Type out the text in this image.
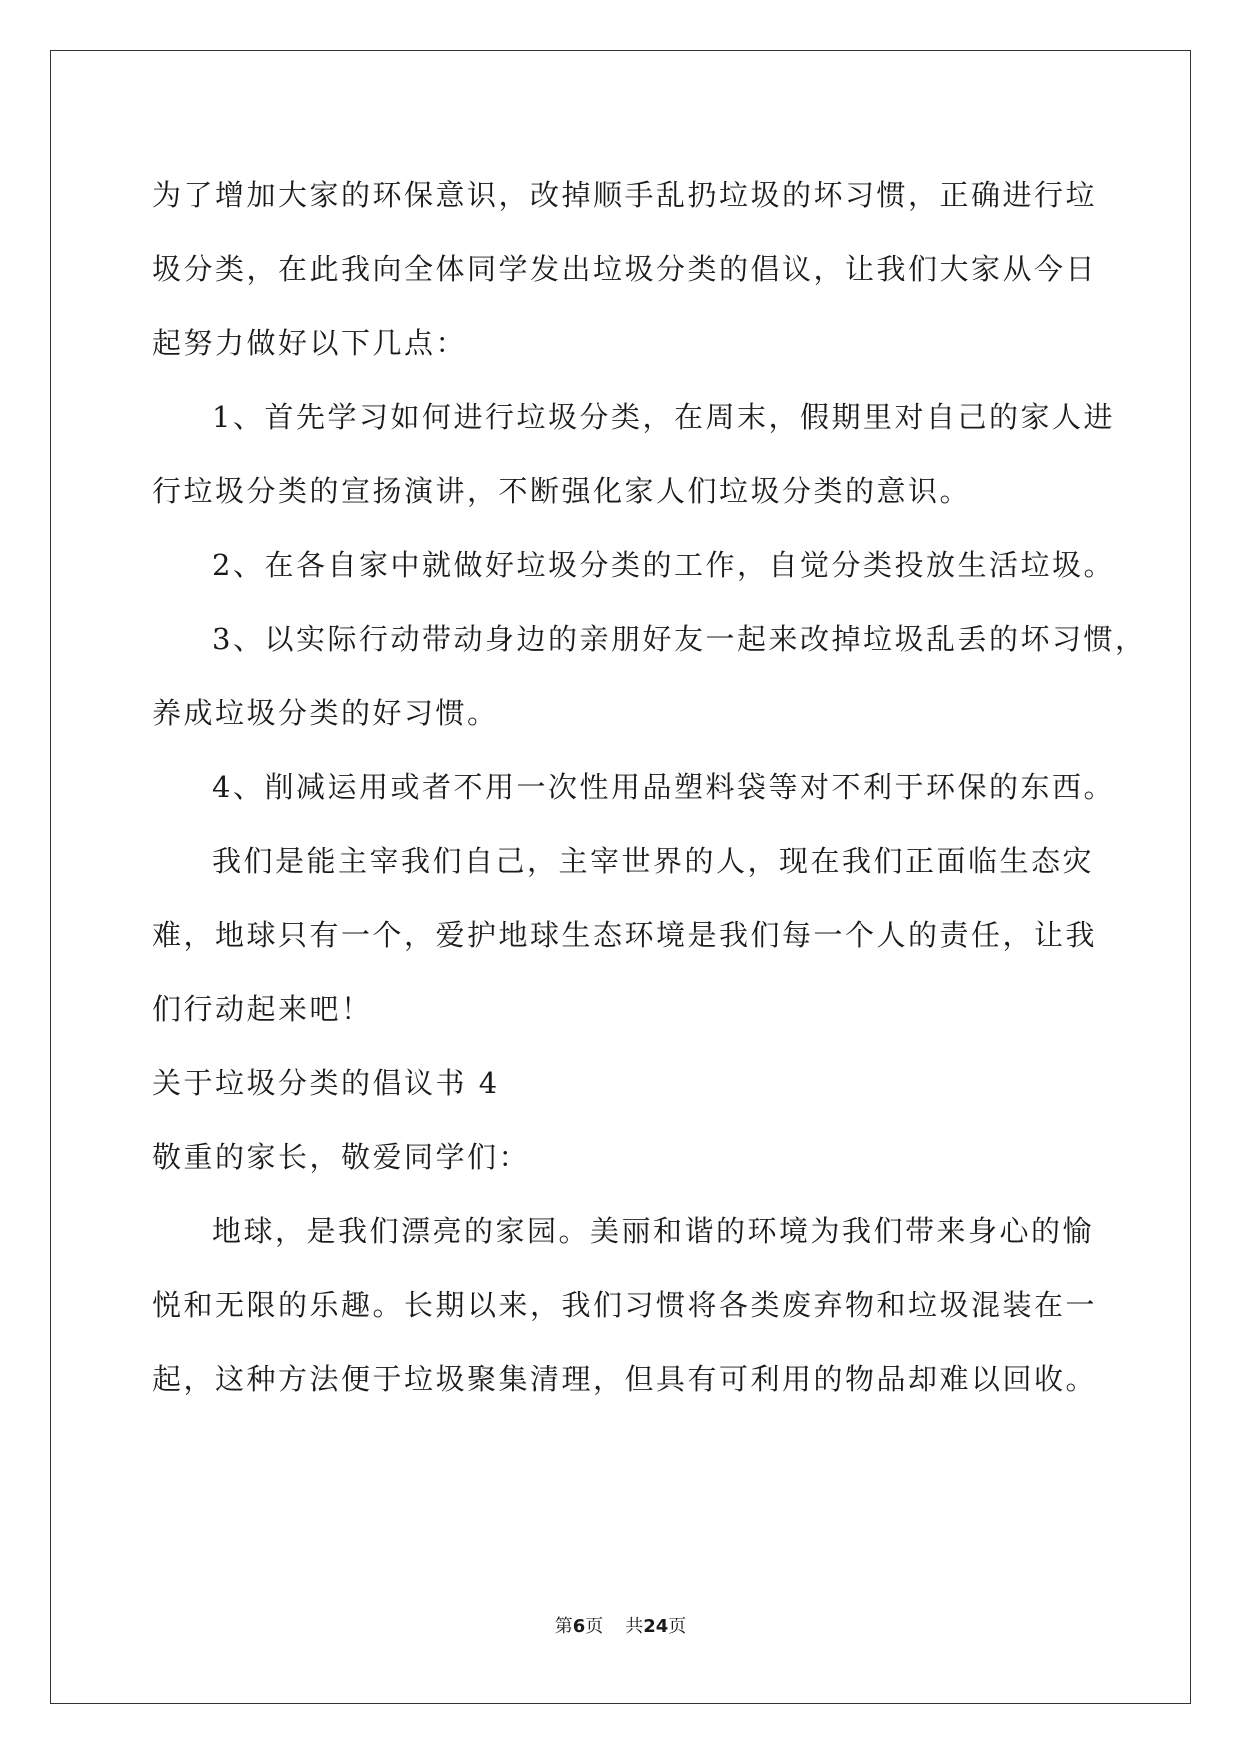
为了增加大家的环保意识，改掉顺手乱扔垃圾的坏习惯，正确进行垃
圾分类，在此我向全体同学发出垃圾分类的倡议，让我们大家从今日
起努力做好以下几点：
1、首先学习如何进行垃圾分类，在周末，假期里对自己的家人进
行垃圾分类的宣扬演讲，不断强化家人们垃圾分类的意识。
2、在各自家中就做好垃圾分类的工作，自觉分类投放生活垃圾。
3、以实际行动带动身边的亲朋好友一起来改掉垃圾乱丢的坏习惯，
养成垃圾分类的好习惯。
4、削减运用或者不用一次性用品塑料袋等对不利于环保的东西。
我们是能主宰我们自己，主宰世界的人，现在我们正面临生态灾
难，地球只有一个，爱护地球生态环境是我们每一个人的责任，让我
们行动起来吧！
关于垃圾分类的倡议书 4
敬重的家长，敬爱同学们：
地球，是我们漂亮的家园。美丽和谐的环境为我们带来身心的愉
悦和无限的乐趣。长期以来，我们习惯将各类废弃物和垃圾混装在一
起，这种方法便于垃圾聚集清理，但具有可利用的物品却难以回收。
第6页 共24页
